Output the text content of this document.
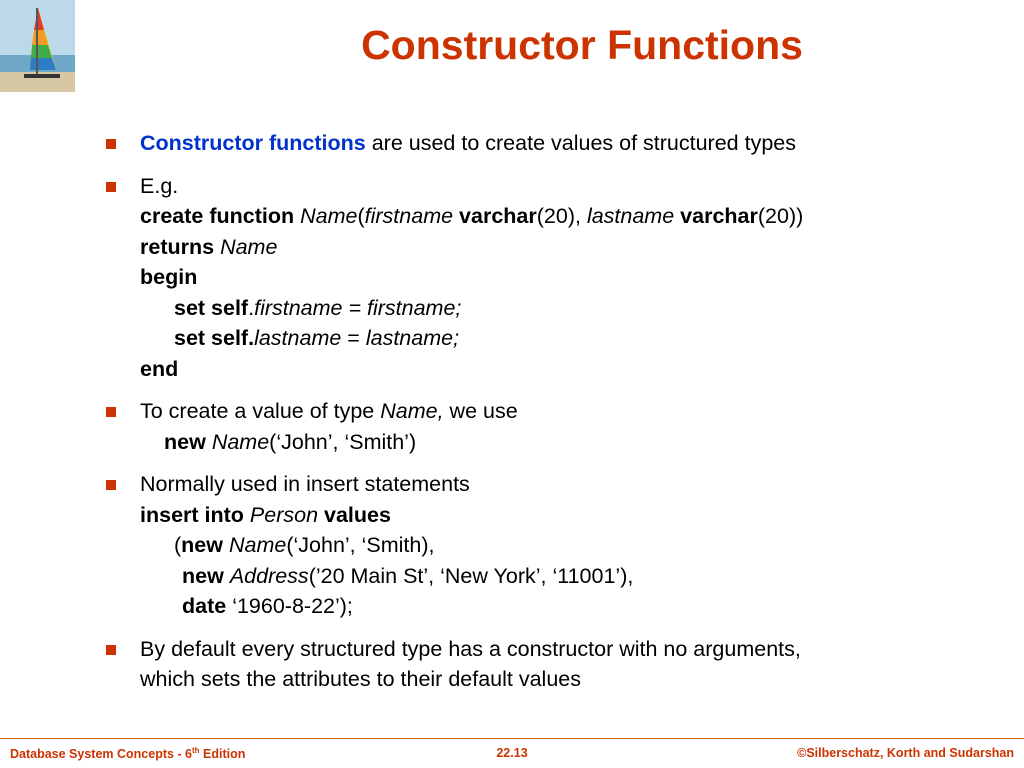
Constructor Functions
Constructor functions are used to create values of structured types
E.g.
create function Name(firstname varchar(20), lastname varchar(20))
returns Name
begin
set self.firstname = firstname;
set self.lastname = lastname;
end
To create a value of type Name, we use
new Name(‘John’, ‘Smith’)
Normally used in insert statements
insert into Person values
(new Name(‘John’, ‘Smith),
new Address(’20 Main St’, ‘New York’, ‘11001’),
date ‘1960-8-22’);
By default every structured type has a constructor with no arguments,
which sets the attributes to their default values
Database System Concepts - 6th Edition	22.13	©Silberschatz, Korth and Sudarshan
